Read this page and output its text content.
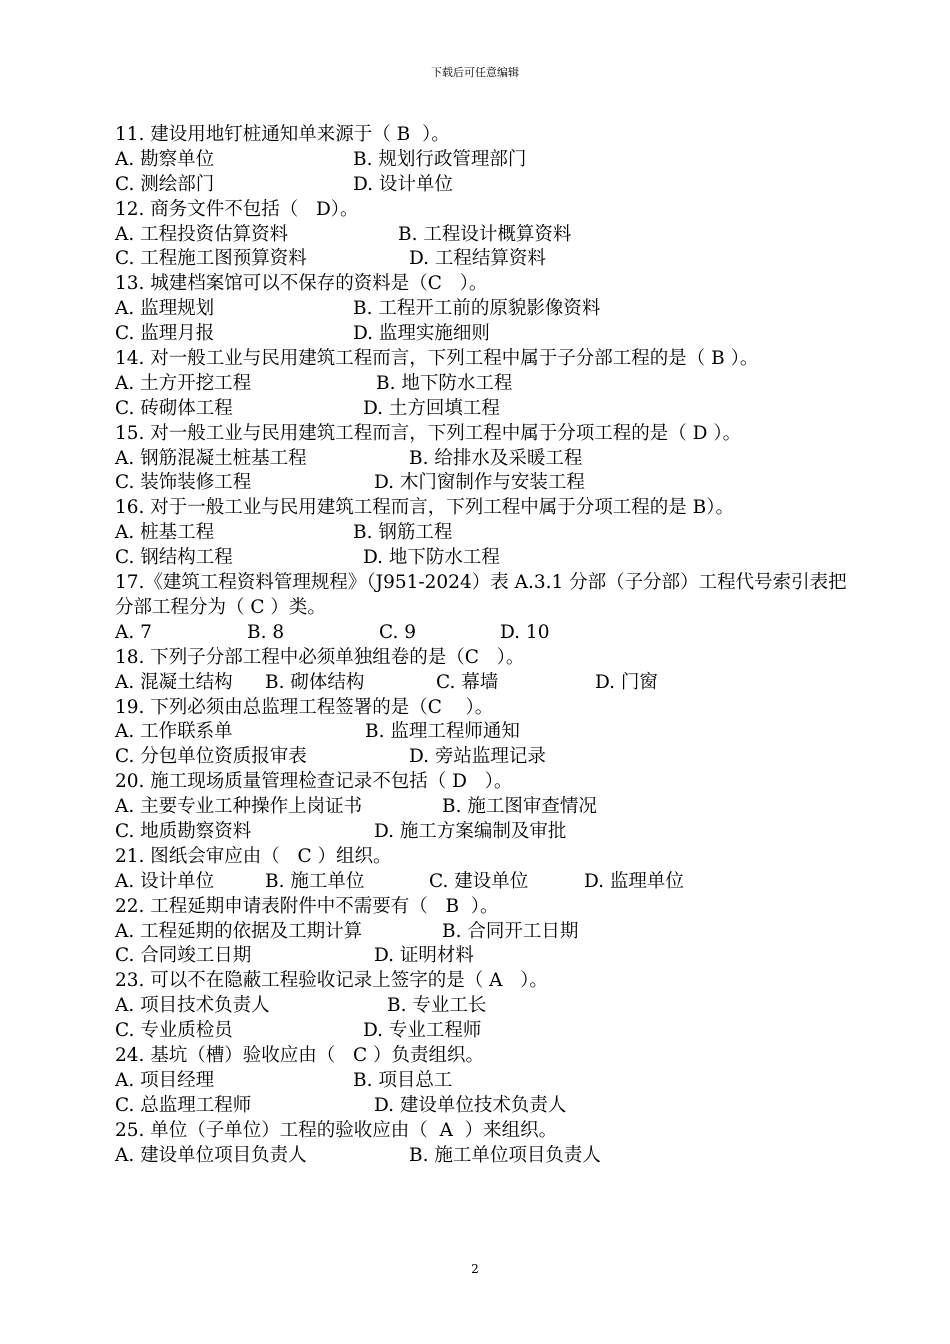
下载后可任意编辑
11. 建设用地钉桩通知单来源于（ B  ）。
A. 勘察单位	B. 规划行政管理部门
C. 测绘部门	D. 设计单位
12. 商务文件不包括（   D）。
A. 工程投资估算资料	B. 工程设计概算资料
C. 工程施工图预算资料	D. 工程结算资料
13. 城建档案馆可以不保存的资料是（C   ）。
A. 监理规划	B. 工程开工前的原貌影像资料
C. 监理月报	D. 监理实施细则
14. 对一般工业与民用建筑工程而言，下列工程中属于子分部工程的是（ B ）。
A. 土方开挖工程	B. 地下防水工程
C. 砖砌体工程	D. 土方回填工程
15. 对一般工业与民用建筑工程而言，下列工程中属于分项工程的是（ D ）。
A. 钢筋混凝土桩基工程	B. 给排水及采暖工程
C. 装饰装修工程	D. 木门窗制作与安装工程
16. 对于一般工业与民用建筑工程而言，下列工程中属于分项工程的是 B）。
A. 桩基工程	B. 钢筋工程
C. 钢结构工程	D. 地下防水工程
17.《建筑工程资料管理规程》（J951-2024）表 A.3.1 分部（子分部）工程代号索引表把分部工程分为（ C ）类。
A. 7	B. 8	C. 9	D. 10
18. 下列子分部工程中必须单独组卷的是（C   ）。
A. 混凝土结构 B. 砌体结构	C. 幕墙	D. 门窗
19. 下列必须由总监理工程签署的是（C    ）。
A. 工作联系单	B. 监理工程师通知
C. 分包单位资质报审表	D. 旁站监理记录
20. 施工现场质量管理检查记录不包括（ D   ）。
A. 主要专业工种操作上岗证书	B. 施工图审查情况
C. 地质勘察资料	D. 施工方案编制及审批
21. 图纸会审应由（   C ）组织。
A. 设计单位	B. 施工单位	C. 建设单位	D. 监理单位
22. 工程延期申请表附件中不需要有（   B  ）。
A. 工程延期的依据及工期计算	B. 合同开工日期
C. 合同竣工日期	D. 证明材料
23. 可以不在隐蔽工程验收记录上签字的是（ A   ）。
A. 项目技术负责人	B. 专业工长
C. 专业质检员	D. 专业工程师
24. 基坑（槽）验收应由（   C ）负责组织。
A. 项目经理	B. 项目总工
C. 总监理工程师	D. 建设单位技术负责人
25. 单位（子单位）工程的验收应由（  A  ）来组织。
A. 建设单位项目负责人	B. 施工单位项目负责人
2
